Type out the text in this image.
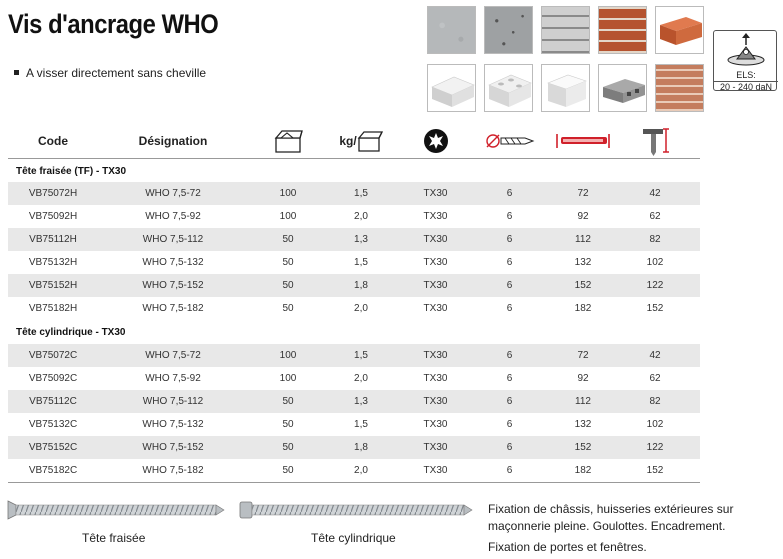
Vis d'ancrage WHO
A visser directement sans cheville	ELS:
20 - 240 daN
Code	Désignation	kg/
Tête fraisée (TF) - TX30
VB75072H	WHO 7,5-72	100	1,5	TX30	6	72	42
VB75092H	WHO 7,5-92	100	2,0	TX30	6	92	62
VB75112H	WHO 7,5-112	50	1,3	TX30	6	112	82
VB75132H	WHO 7,5-132	50	1,5	TX30	6	132	102
VB75152H	WHO 7,5-152	50	1,8	TX30	6	152	122
VB75182H	WHO 7,5-182	50	2,0	TX30	6	182	152
Tête cylindrique - TX30
VB75072C	WHO 7,5-72	100	1,5	TX30	6	72	42
VB75092C	WHO 7,5-92	100	2,0	TX30	6	92	62
VB75112C	WHO 7,5-112	50	1,3	TX30	6	112	82
VB75132C	WHO 7,5-132	50	1,5	TX30	6	132	102
VB75152C	WHO 7,5-152	50	1,8	TX30	6	152	122
VB75182C	WHO 7,5-182	50	2,0	TX30	6	182	152
Tête fraisée	Tête cylindrique

Fixation de châssis, huisseries extérieures sur maçonnerie pleine. Goulottes. Encadrement.

Fixation de portes et fenêtres.
